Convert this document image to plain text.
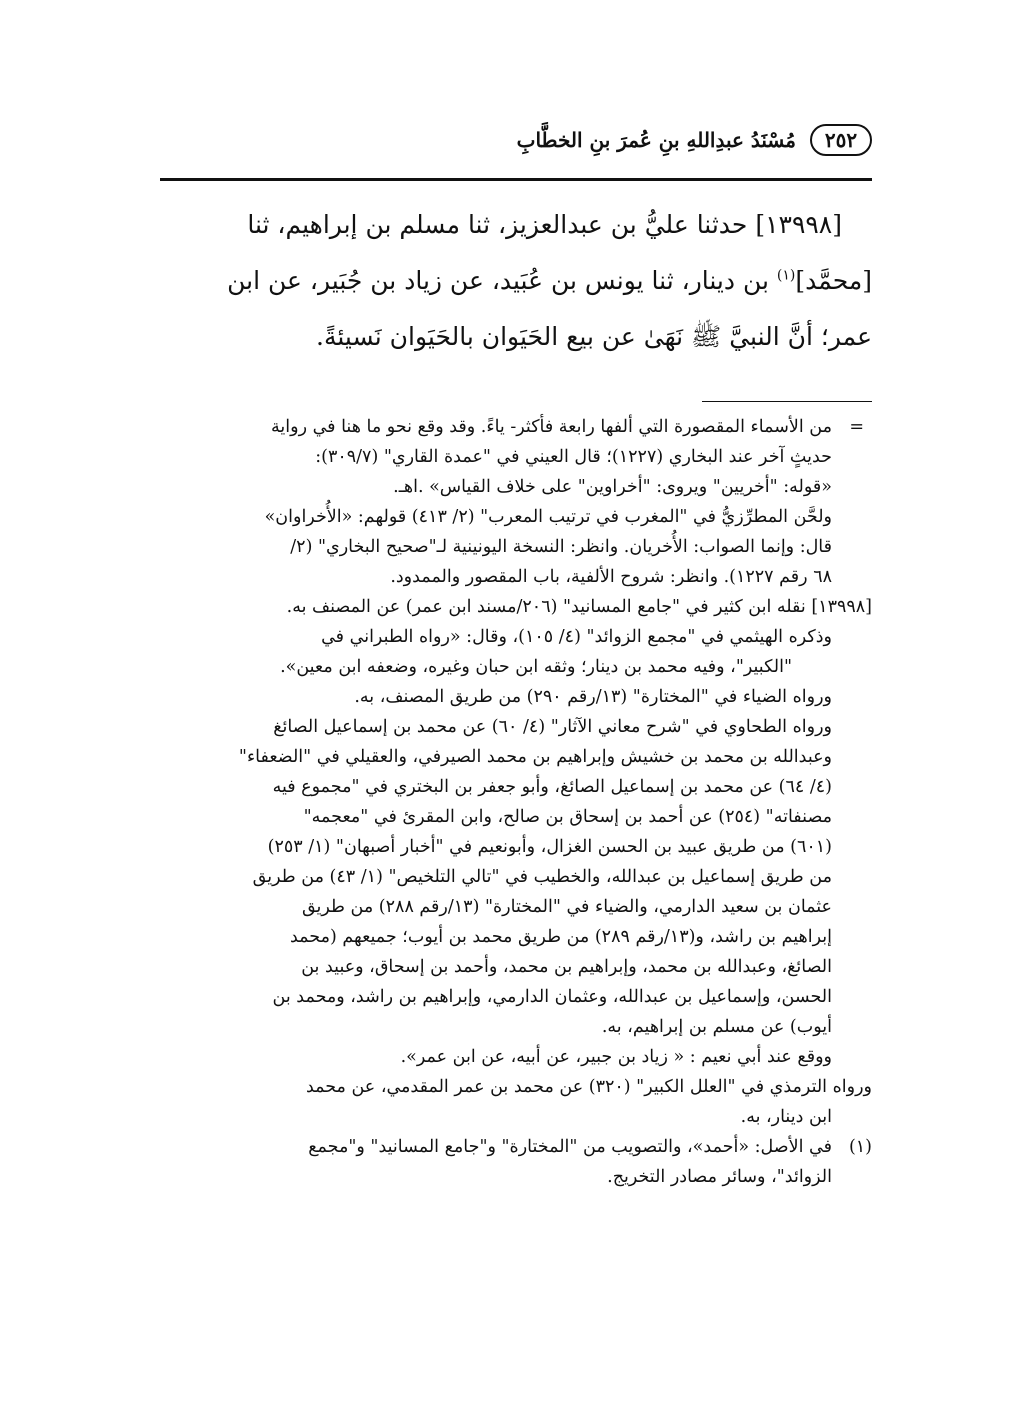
٢٥٢
مُسْنَدُ عبدِاللهِ بنِ عُمرَ بنِ الخطَّابِ

[١٣٩٩٨] حدثنا عليُّ بن عبدالعزيز، ثنا مسلم بن إبراهيم، ثنا
[محمَّد]$^{(١)}$ بن دينار، ثنا يونس بن عُبَيد، عن زياد بن جُبَير، عن ابن
عمر؛ أنَّ النبيَّ ﷺ نَهَىٰ عن بيع الحَيَوان بالحَيَوان نَسيئةً.

=

من الأسماء المقصورة التي ألفها رابعة فأكثر- ياءً. وقد وقع نحو ما هنا في رواية

حديثٍ آخر عند البخاري (١٢٢٧)؛ قال العيني في "عمدة القاري" (٣٠٩/٧):

«قوله: "أخريين" ويروى: "أخراوين" على خلاف القياس» .اهـ.

ولحَّن المطرِّزيُّ في "المغرب في ترتيب المعرب" (٢/ ٤١٣) قولهم: «الأُخراوان»

قال: وإنما الصواب: الأُخريان. وانظر: النسخة اليونينية لـ"صحيح البخاري" (٢/

٦٨ رقم ١٢٢٧). وانظر: شروح الألفية، باب المقصور والممدود.

[١٣٩٩٨] نقله ابن كثير في "جامع المسانيد" (٢٠٦/مسند ابن عمر) عن المصنف به.

وذكره الهيثمي في "مجمع الزوائد" (٤/ ١٠٥)، وقال: «رواه الطبراني في

"الكبير"، وفيه محمد بن دينار؛ وثقه ابن حبان وغيره، وضعفه ابن معين».

ورواه الضياء في "المختارة" (١٣/رقم ٢٩٠) من طريق المصنف، به.

ورواه الطحاوي في "شرح معاني الآثار" (٤/ ٦٠) عن محمد بن إسماعيل الصائغ

وعبدالله بن محمد بن خشيش وإبراهيم بن محمد الصيرفي، والعقيلي في "الضعفاء"

(٤/ ٦٤) عن محمد بن إسماعيل الصائغ، وأبو جعفر بن البختري في "مجموع فيه

مصنفاته" (٢٥٤) عن أحمد بن إسحاق بن صالح، وابن المقرئ في "معجمه"

(٦٠١) من طريق عبيد بن الحسن الغزال، وأبونعيم في "أخبار أصبهان" (١/ ٢٥٣)

من طريق إسماعيل بن عبدالله، والخطيب في "تالي التلخيص" (١/ ٤٣) من طريق

عثمان بن سعيد الدارمي، والضياء في "المختارة" (١٣/رقم ٢٨٨) من طريق

إبراهيم بن راشد، و(١٣/رقم ٢٨٩) من طريق محمد بن أيوب؛ جميعهم (محمد

الصائغ، وعبدالله بن محمد، وإبراهيم بن محمد، وأحمد بن إسحاق، وعبيد بن

الحسن، وإسماعيل بن عبدالله، وعثمان الدارمي، وإبراهيم بن راشد، ومحمد بن

أيوب) عن مسلم بن إبراهيم، به.

ووقع عند أبي نعيم : « زياد بن جبير، عن أبيه، عن ابن عمر».

ورواه الترمذي في "العلل الكبير" (٣٢٠) عن محمد بن عمر المقدمي، عن محمد

ابن دينار، به.

(١)

في الأصل: «أحمد»، والتصويب من "المختارة" و"جامع المسانيد" و"مجمع

الزوائد"، وسائر مصادر التخريج.
